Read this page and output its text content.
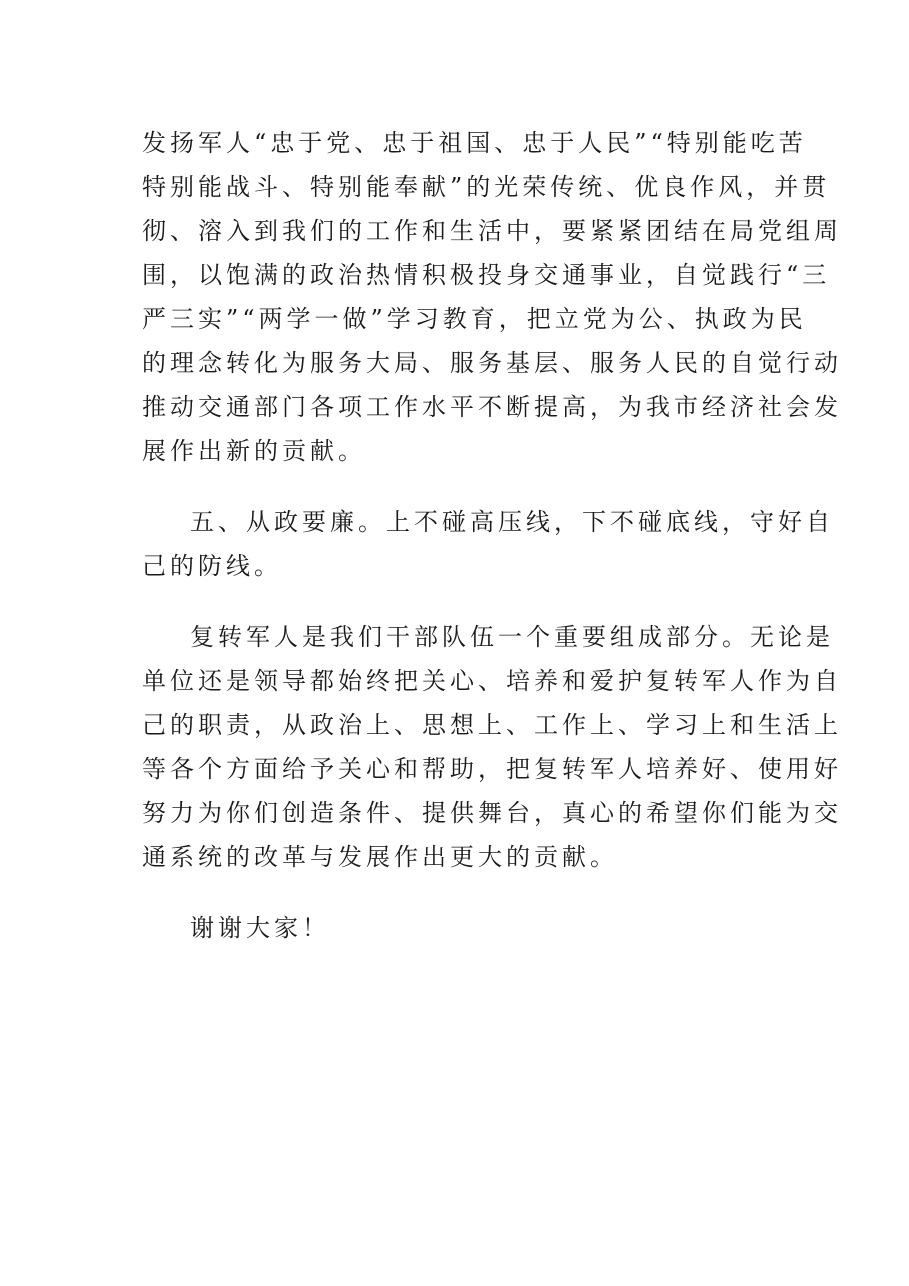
发扬军人“忠于党、忠于祖国、忠于人民”“特别能吃苦
特别能战斗、特别能奉献”的光荣传统、优良作风，并贯
彻、溶入到我们的工作和生活中，要紧紧团结在局党组周
围，以饱满的政治热情积极投身交通事业，自觉践行“三
严三实”“两学一做”学习教育，把立党为公、执政为民
的理念转化为服务大局、服务基层、服务人民的自觉行动
推动交通部门各项工作水平不断提高，为我市经济社会发
展作出新的贡献。
五、从政要廉。上不碰高压线，下不碰底线，守好自
己的防线。
复转军人是我们干部队伍一个重要组成部分。无论是
单位还是领导都始终把关心、培养和爱护复转军人作为自
己的职责，从政治上、思想上、工作上、学习上和生活上
等各个方面给予关心和帮助，把复转军人培养好、使用好
努力为你们创造条件、提供舞台，真心的希望你们能为交
通系统的改革与发展作出更大的贡献。
谢谢大家！
